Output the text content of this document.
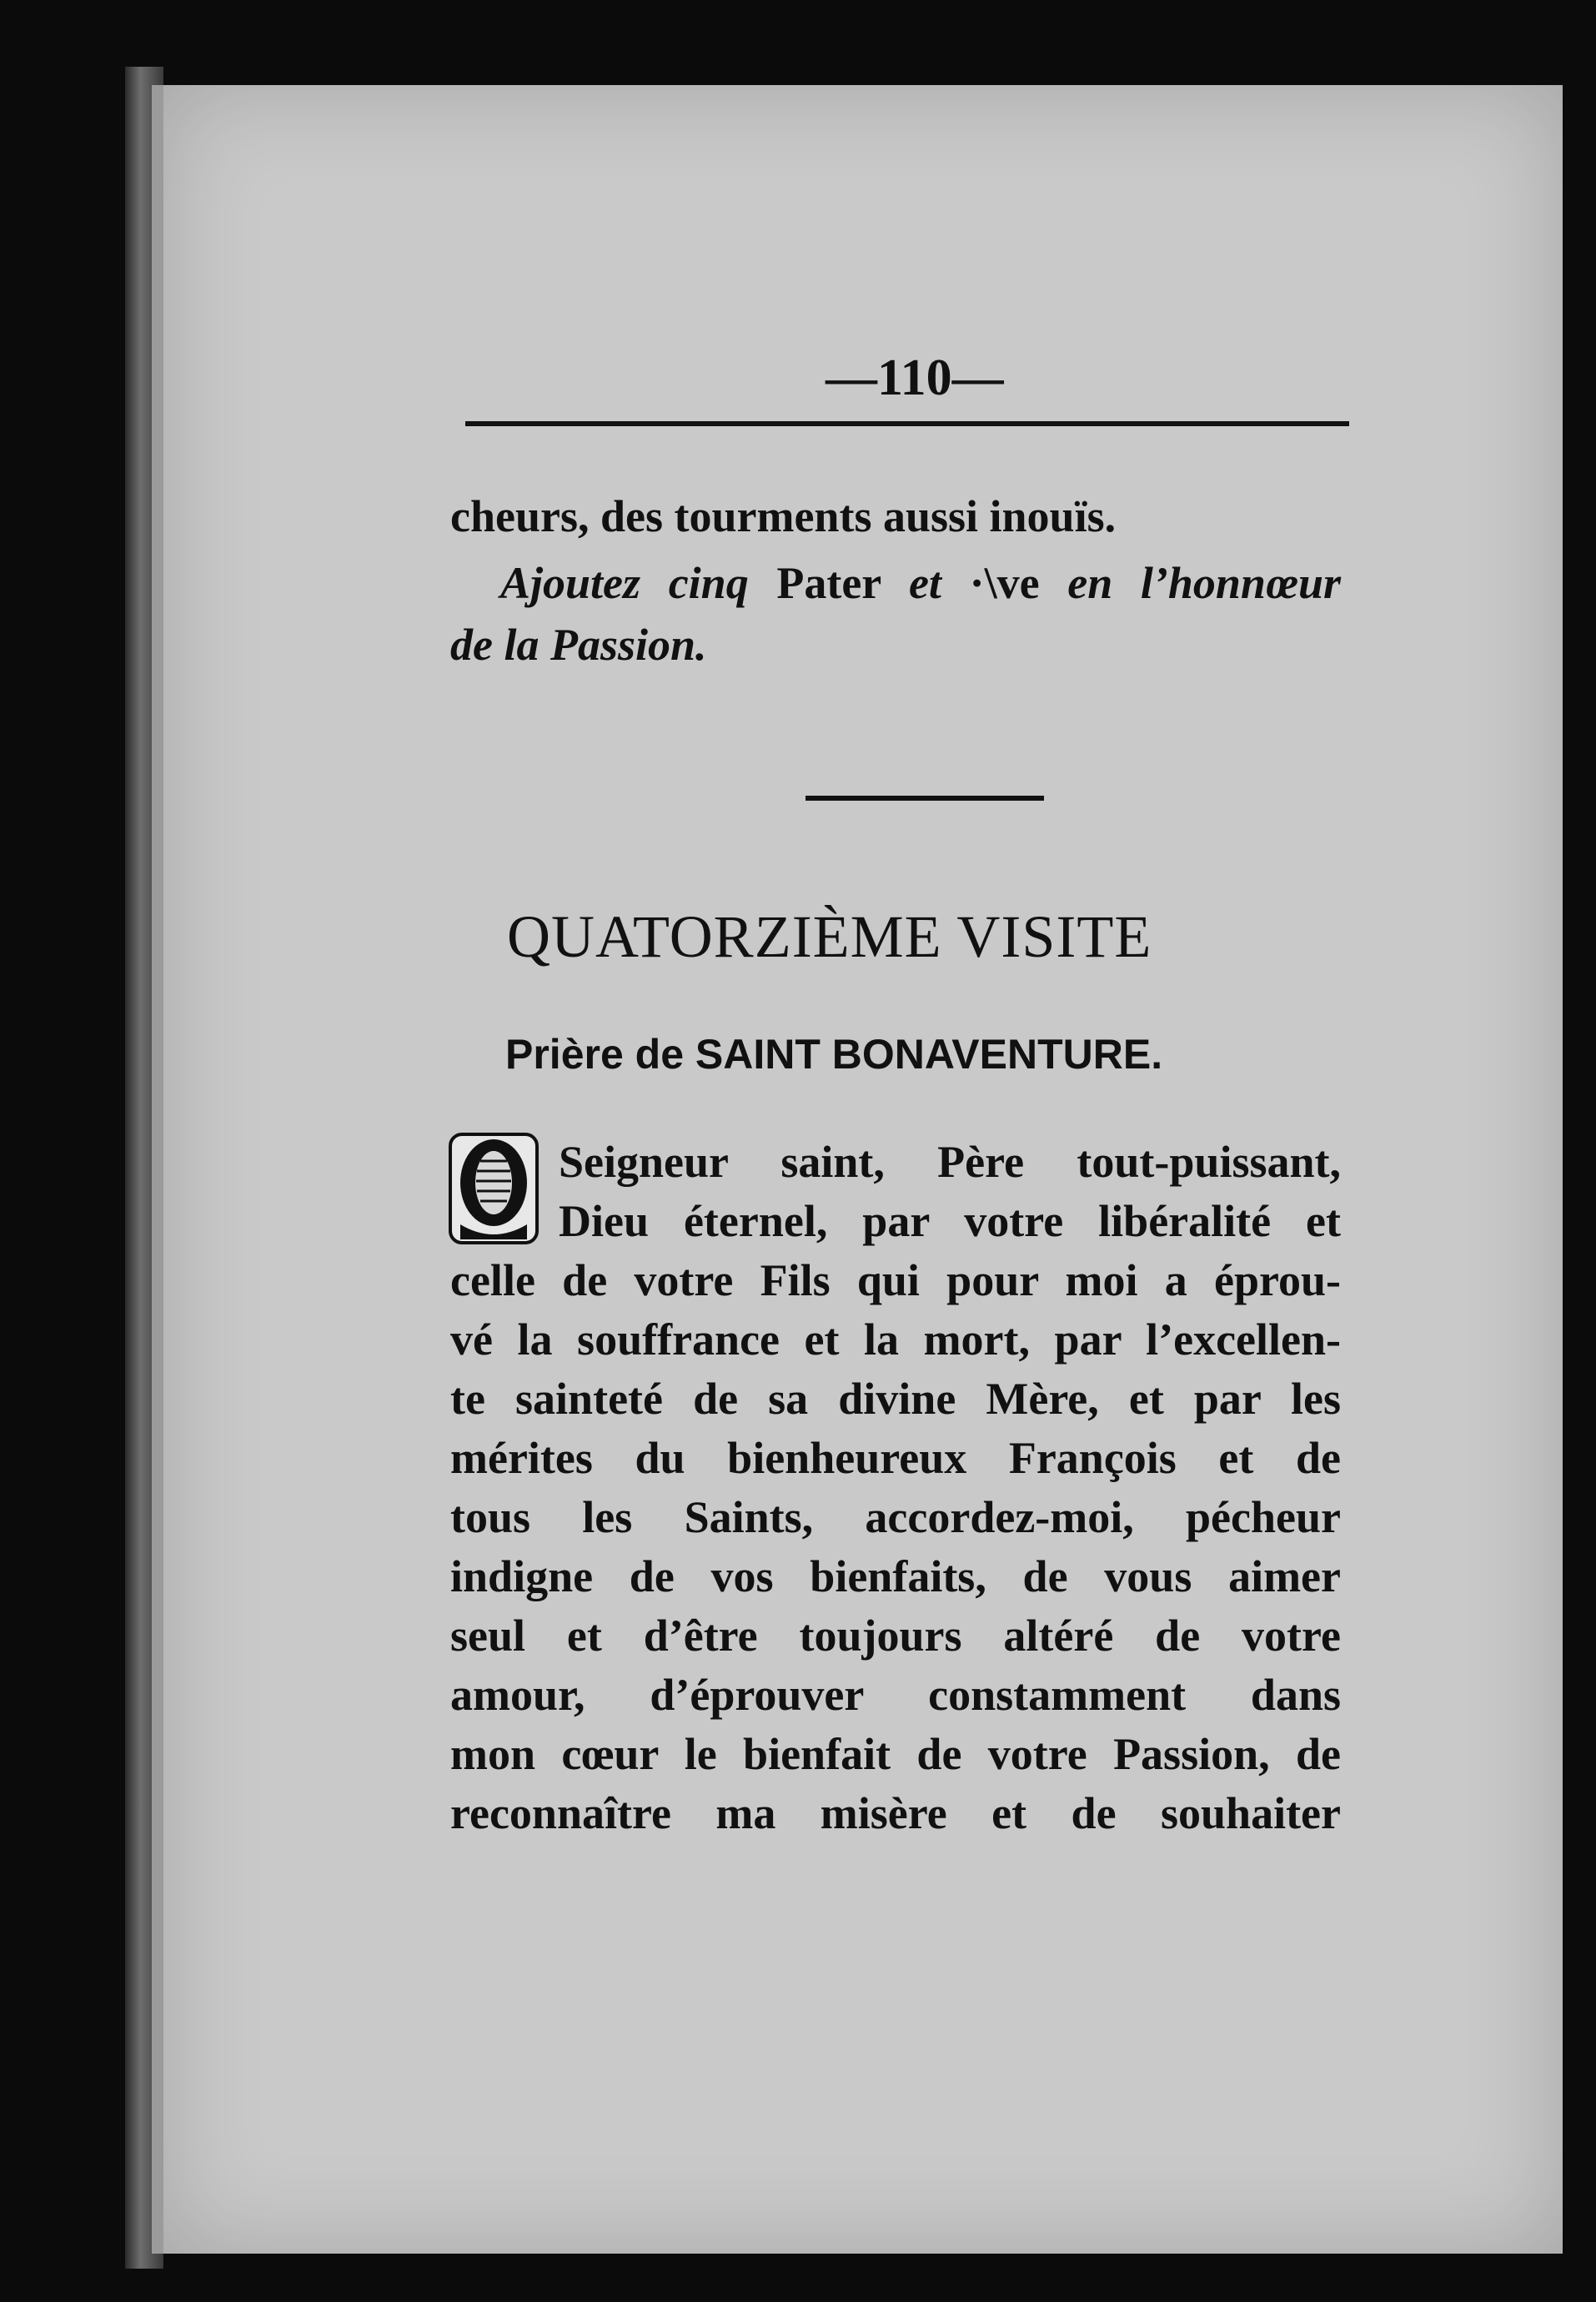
—110—
cheurs, des tourments aussi inouïs.
Ajoutez cinq Pater et ·\ve en l’honnœur
de la Passion.
QUATORZIÈME VISITE
Prière de SAINT BONAVENTURE.
Seigneur saint, Père tout-puissant,
Dieu éternel, par votre libéralité et
celle de votre Fils qui pour moi a éprou-
vé la souffrance et la mort, par l’excellen-
te sainteté de sa divine Mère, et par les
mérites du bienheureux François et de
tous les Saints, accordez-moi, pécheur
indigne de vos bienfaits, de vous aimer
seul et d’être toujours altéré de votre
amour, d’éprouver constamment dans
mon cœur le bienfait de votre Passion, de
reconnaître ma misère et de souhaiter
